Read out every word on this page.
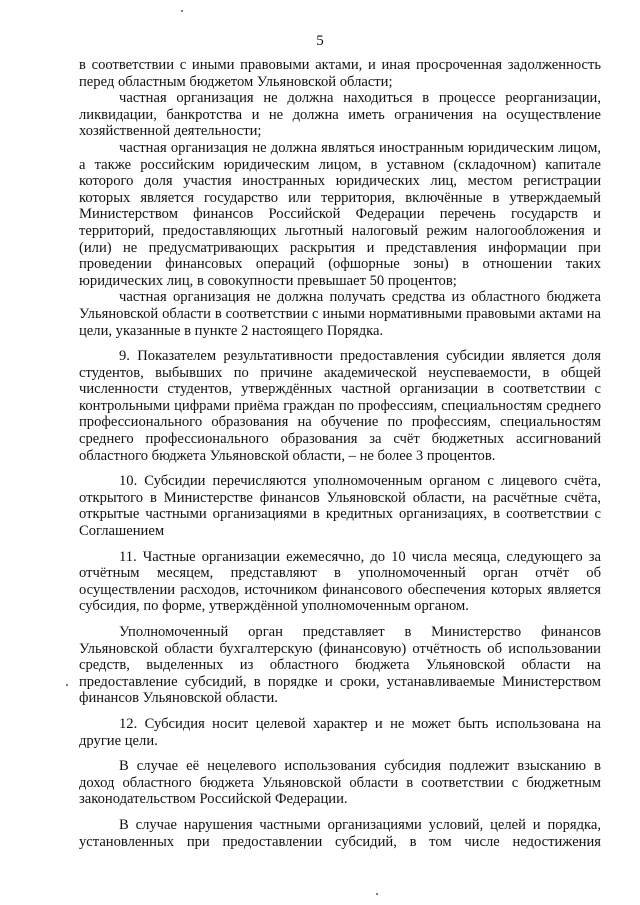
5

в соответствии с иными правовыми актами, и иная просроченная задолженность перед областным бюджетом Ульяновской области;

частная организация не должна находиться в процессе реорганизации, ликвидации, банкротства и не должна иметь ограничения на осуществление хозяйственной деятельности;

частная организация не должна являться иностранным юридическим лицом, а также российским юридическим лицом, в уставном (складочном) капитале которого доля участия иностранных юридических лиц, местом регистрации которых является государство или территория, включённые в утверждаемый Министерством финансов Российской Федерации перечень государств и территорий, предоставляющих льготный налоговый режим налогообложения и (или) не предусматривающих раскрытия и представления информации при проведении финансовых операций (офшорные зоны) в отношении таких юридических лиц, в совокупности превышает 50 процентов;

частная организация не должна получать средства из областного бюджета Ульяновской области в соответствии с иными нормативными правовыми актами на цели, указанные в пункте 2 настоящего Порядка.

9. Показателем результативности предоставления субсидии является доля студентов, выбывших по причине академической неуспеваемости, в общей численности студентов, утверждённых частной организации в соответствии с контрольными цифрами приёма граждан по профессиям, специальностям среднего профессионального образования на обучение по профессиям, специальностям среднего профессионального образования за счёт бюджетных ассигнований областного бюджета Ульяновской области, – не более 3 процентов.

10. Субсидии перечисляются уполномоченным органом с лицевого счёта, открытого в Министерстве финансов Ульяновской области, на расчётные счёта, открытые частными организациями в кредитных организациях, в соответствии с Соглашением

11. Частные организации ежемесячно, до 10 числа месяца, следующего за отчётным месяцем, представляют в уполномоченный орган отчёт об осуществлении расходов, источником финансового обеспечения которых является субсидия, по форме, утверждённой уполномоченным органом.

Уполномоченный орган представляет в Министерство финансов Ульяновской области бухгалтерскую (финансовую) отчётность об использовании средств, выделенных из областного бюджета Ульяновской области на предоставление субсидий, в порядке и сроки, устанавливаемые Министерством финансов Ульяновской области.

12. Субсидия носит целевой характер и не может быть использована на другие цели.

В случае её нецелевого использования субсидия подлежит взысканию в доход областного бюджета Ульяновской области в соответствии с бюджетным законодательством Российской Федерации.

В случае нарушения частными организациями условий, целей и порядка, установленных при предоставлении субсидий, в том числе недостижения
